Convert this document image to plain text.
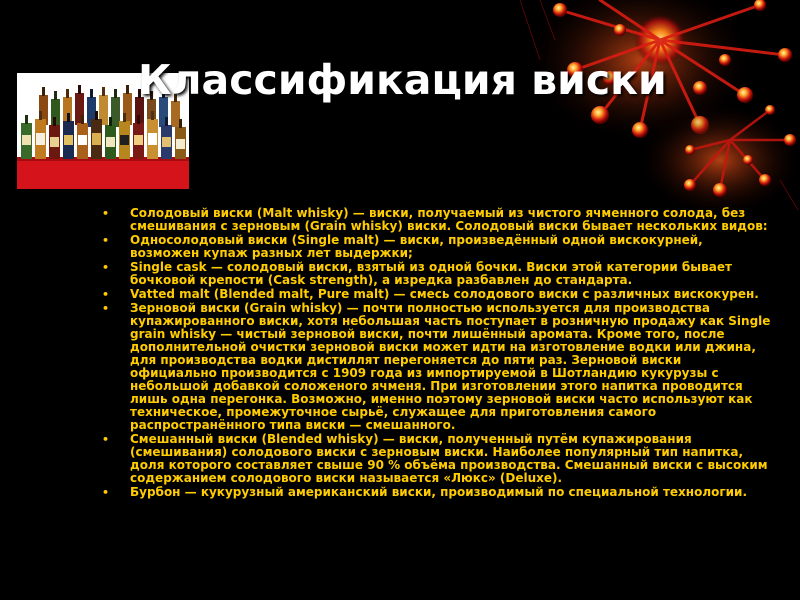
Классификация виски
• Солодовый виски (Malt whisky) — виски, получаемый из чистого ячменного солода, без смешивания с зерновым (Grain whisky) виски. Солодовый виски бывает нескольких видов:
• Односолодовый виски (Single malt) — виски, произведённый одной вискокурней, возможен купаж разных лет выдержки;
• Single cask — солодовый виски, взятый из одной бочки. Виски этой категории бывает бочковой крепости (Cask strength), а изредка разбавлен до стандарта.
• Vatted malt (Blended malt, Pure malt) — смесь солодового виски с различных вискокурен.
• Зерновой виски (Grain whisky) — почти полностью используется для производства купажированного виски, хотя небольшая часть поступает в розничную продажу как Single grain whisky — чистый зерновой виски, почти лишённый аромата. Кроме того, после дополнительной очистки зерновой виски может идти на изготовление водки или джина, для производства водки дистиллят перегоняется до пяти раз. Зерновой виски официально производится с 1909 года из импортируемой в Шотландию кукурузы с небольшой добавкой соложеного ячменя. При изготовлении этого напитка проводится лишь одна перегонка. Возможно, именно поэтому зерновой виски часто используют как техническое, промежуточное сырьё, служащее для приготовления самого распространённого типа виски — смешанного.
• Смешанный виски (Blended whisky) — виски, полученный путём купажирования (смешивания) солодового виски с зерновым виски. Наиболее популярный тип напитка, доля которого составляет свыше 90 % объёма производства. Смешанный виски с высоким содержанием солодового виски называется «Люкс» (Deluxe).
• Бурбон — кукурузный американский виски, производимый по специальной технологии.
